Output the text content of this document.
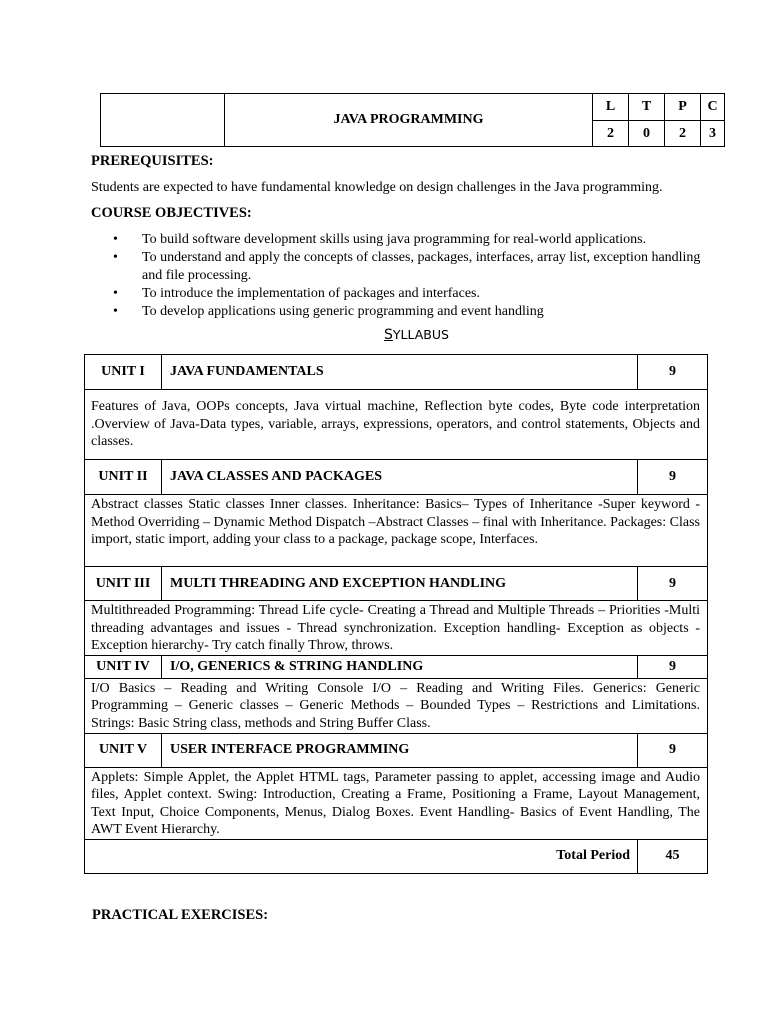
	JAVA PROGRAMMING	L	T	P	C
		2	0	2	3
PREREQUISITES:
Students are expected to have fundamental knowledge on design challenges in the Java programming.
COURSE OBJECTIVES:
• To build software development skills using java programming for real-world applications.
• To understand and apply the concepts of classes, packages, interfaces, array list, exception handling and file processing.
• To introduce the implementation of packages and interfaces.
• To develop applications using generic programming and event handling
SYLLABUS
UNIT I	JAVA FUNDAMENTALS	9
Features of Java, OOPs concepts, Java virtual machine, Reflection byte codes, Byte code interpretation .Overview of Java-Data types, variable, arrays, expressions, operators, and control statements, Objects and classes.		
UNIT II	JAVA CLASSES AND PACKAGES	9
Abstract classes Static classes Inner classes. Inheritance: Basics– Types of Inheritance -Super keyword -Method Overriding – Dynamic Method Dispatch –Abstract Classes – final with Inheritance. Packages: Class import, static import, adding your class to a package, package scope, Interfaces.		
UNIT III	MULTI THREADING AND EXCEPTION HANDLING	9
Multithreaded Programming: Thread Life cycle- Creating a Thread and Multiple Threads – Priorities -Multi threading advantages and issues - Thread synchronization. Exception handling- Exception as objects -Exception hierarchy- Try catch finally Throw, throws.		
UNIT IV	I/O, GENERICS & STRING HANDLING	9
I/O Basics – Reading and Writing Console I/O – Reading and Writing Files. Generics: Generic Programming – Generic classes – Generic Methods – Bounded Types – Restrictions and Limitations. Strings: Basic String class, methods and String Buffer Class.		
UNIT V	USER INTERFACE PROGRAMMING	9
Applets: Simple Applet, the Applet HTML tags, Parameter passing to applet, accessing image and Audio files, Applet context. Swing: Introduction, Creating a Frame, Positioning a Frame, Layout Management, Text Input, Choice Components, Menus, Dialog Boxes. Event Handling- Basics of Event Handling, The AWT Event Hierarchy.		
Total Period		45
PRACTICAL EXERCISES:
